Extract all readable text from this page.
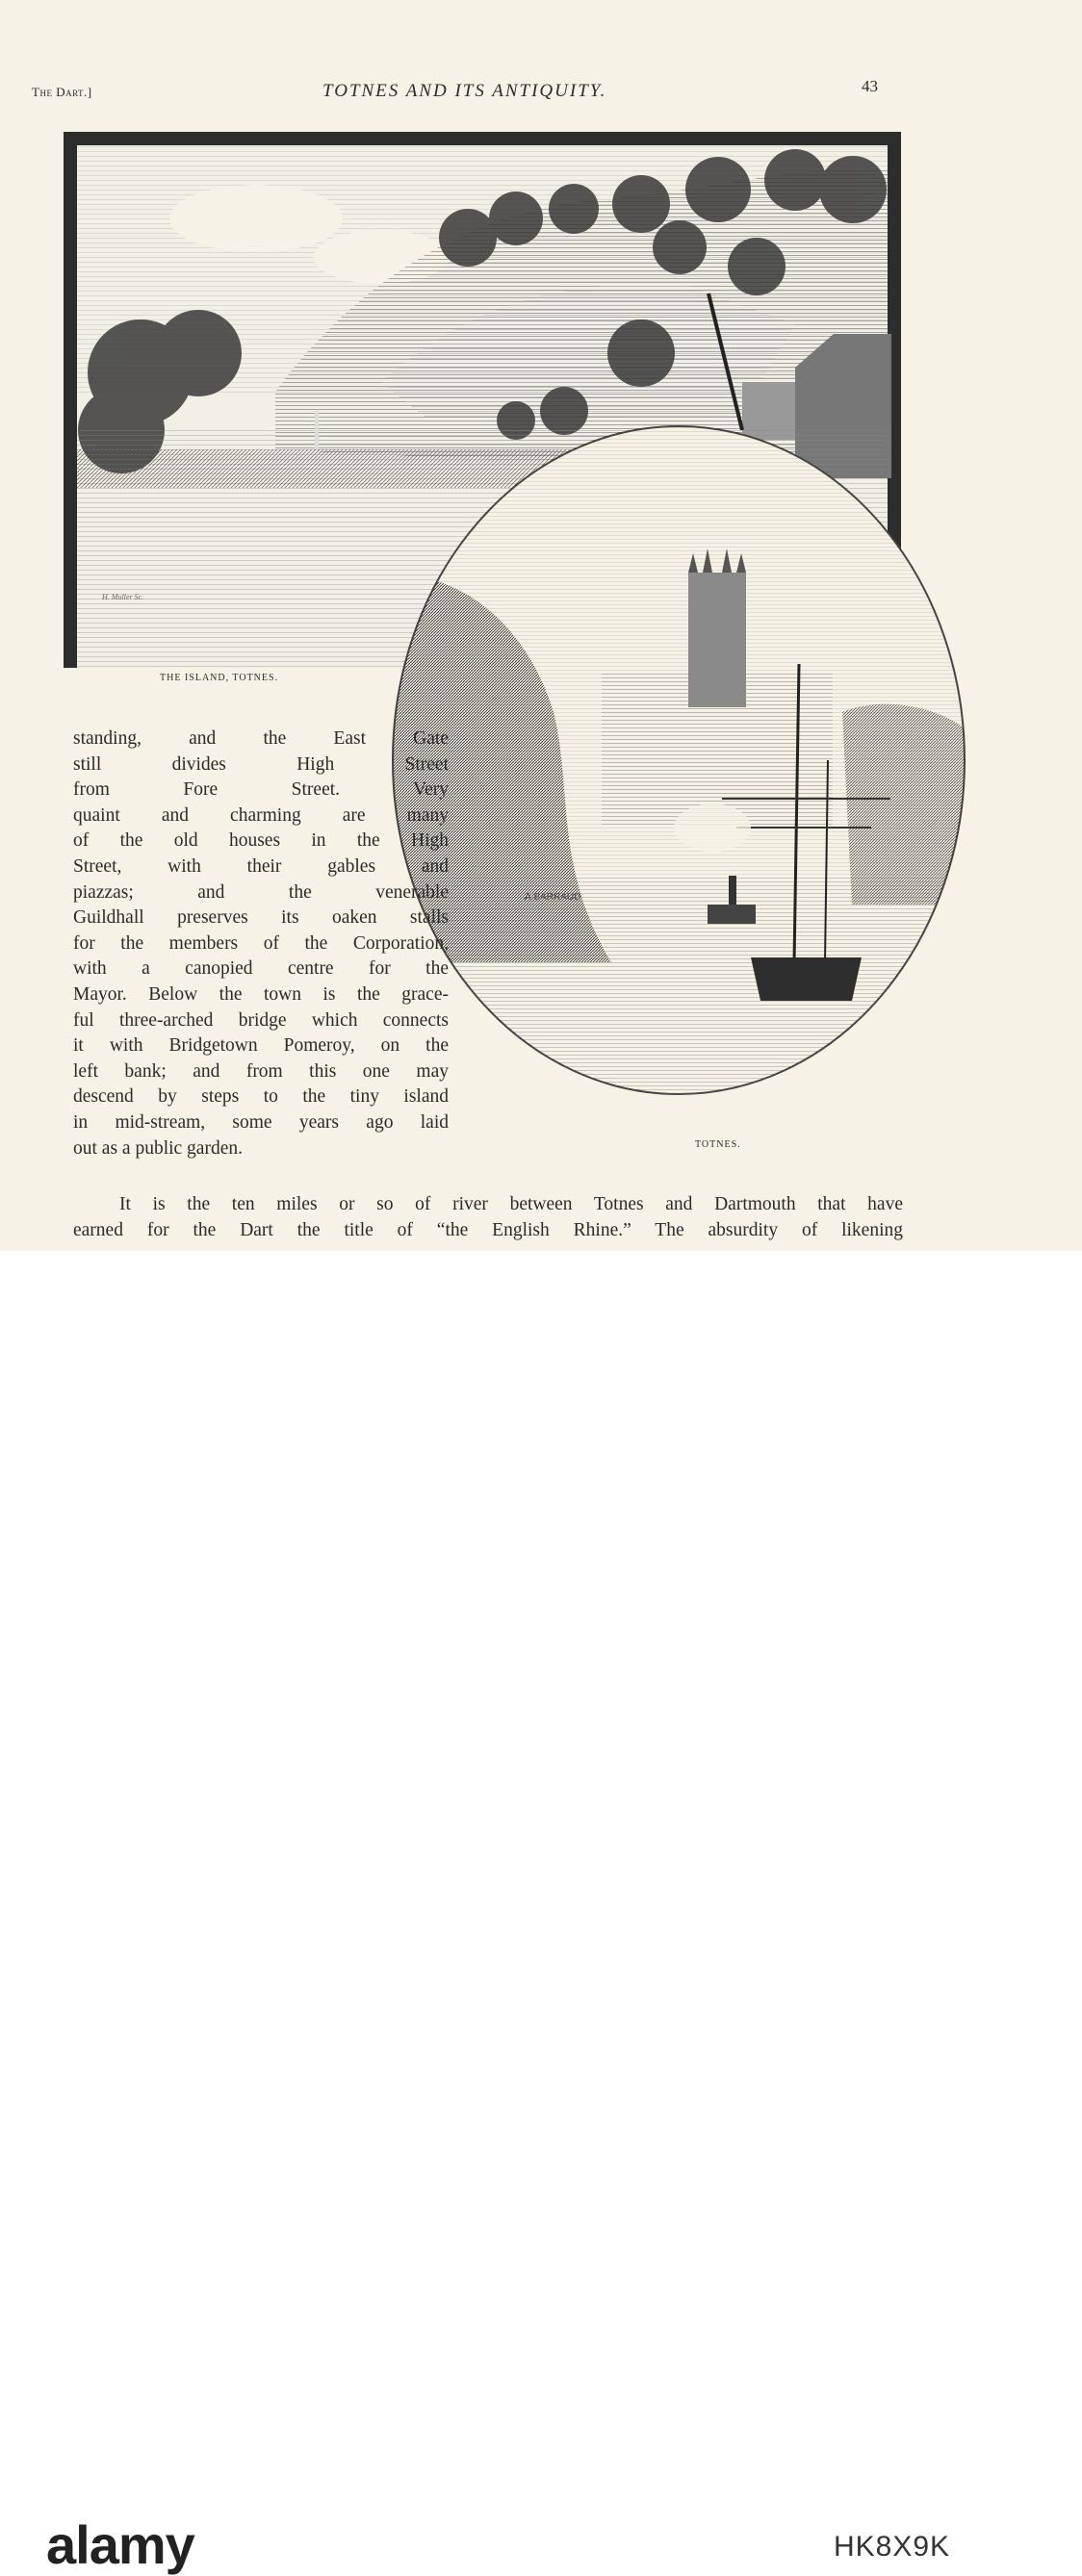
The Dart.]	TOTNES AND ITS ANTIQUITY.	43
H. Muller Sc.
A.BARRAUD
THE ISLAND, TOTNES.
TOTNES.
standing, and the East Gate
still divides High Street
from Fore Street. Very
quaint and charming are many
of the old houses in the High
Street, with their gables and
piazzas; and the venerable
Guildhall preserves its oaken stalls
for the members of the Corporation,
with a canopied centre for the
Mayor. Below the town is the grace-
ful three-arched bridge which connects
it with Bridgetown Pomeroy, on the
left bank; and from this one may
descend by steps to the tiny island
in mid-stream, some years ago laid
out as a public garden.
It is the ten miles or so of river between Totnes and Dartmouth that have
earned for the Dart the title of “the English Rhine.” The absurdity of likening
alamy	HK8X9K
